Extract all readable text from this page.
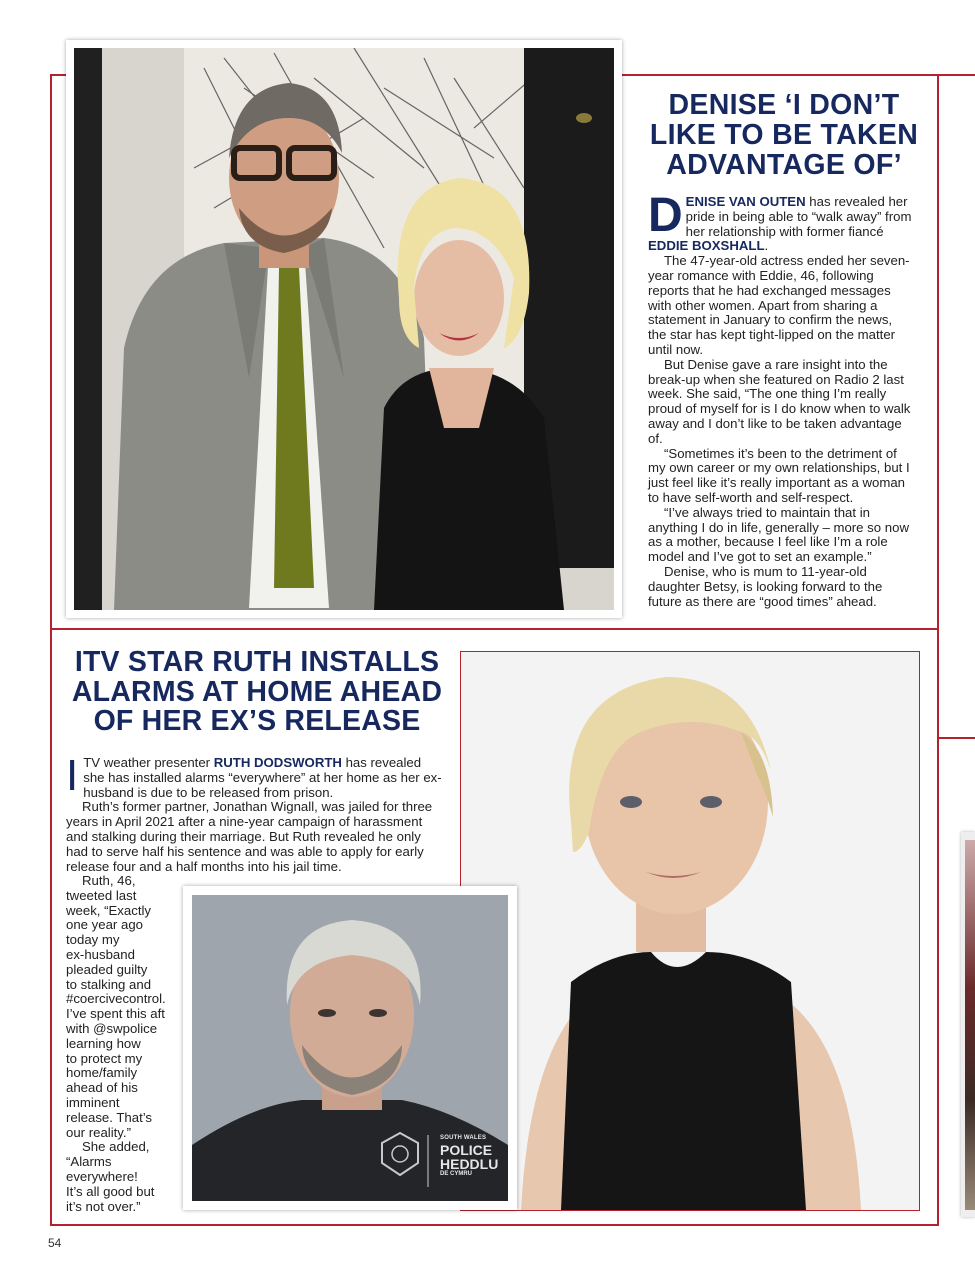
DENISE ‘I DON’T
LIKE TO BE TAKEN
ADVANTAGE OF’

DENISE VAN OUTEN has revealed her pride in being able to “walk away” from her relationship with former fiancé EDDIE BOXSHALL.

The 47-year-old actress ended her seven-year romance with Eddie, 46, following reports that he had exchanged messages with other women. Apart from sharing a statement in January to confirm the news, the star has kept tight-lipped on the matter until now.

But Denise gave a rare insight into the break-up when she featured on Radio 2 last week. She said, “The one thing I’m really proud of myself for is I do know when to walk away and I don’t like to be taken advantage of.

“Sometimes it’s been to the detriment of my own career or my own relationships, but I just feel like it’s really important as a woman to have self-worth and self-respect.

“I’ve always tried to maintain that in anything I do in life, generally – more so now as a mother, because I feel like I’m a role model and I’ve got to set an example.”

Denise, who is mum to 11-year-old daughter Betsy, is looking forward to the future as there are “good times” ahead.

ITV STAR RUTH INSTALLS
ALARMS AT HOME AHEAD
OF HER EX’S RELEASE

ITV weather presenter RUTH DODSWORTH has revealed she has installed alarms “everywhere” at her home as her ex-husband is due to be released from prison.

Ruth’s former partner, Jonathan Wignall, was jailed for three years in April 2021 after a nine-year campaign of harassment and stalking during their marriage. But Ruth revealed he only had to serve half his sentence and was able to apply for early release four and a half months into his jail time.

Ruth, 46,
tweeted last
week, “Exactly
one year ago
today my
ex-husband
pleaded guilty
to stalking and
#coercivecontrol.
I’ve spent this aft
with @swpolice
learning how
to protect my
home/family
ahead of his
imminent
release. That’s
our reality.”
She added,
“Alarms
everywhere!
It’s all good but
it’s not over.”
SOUTH WALES
POLICE
HEDDLU
DE CYMRU
54
